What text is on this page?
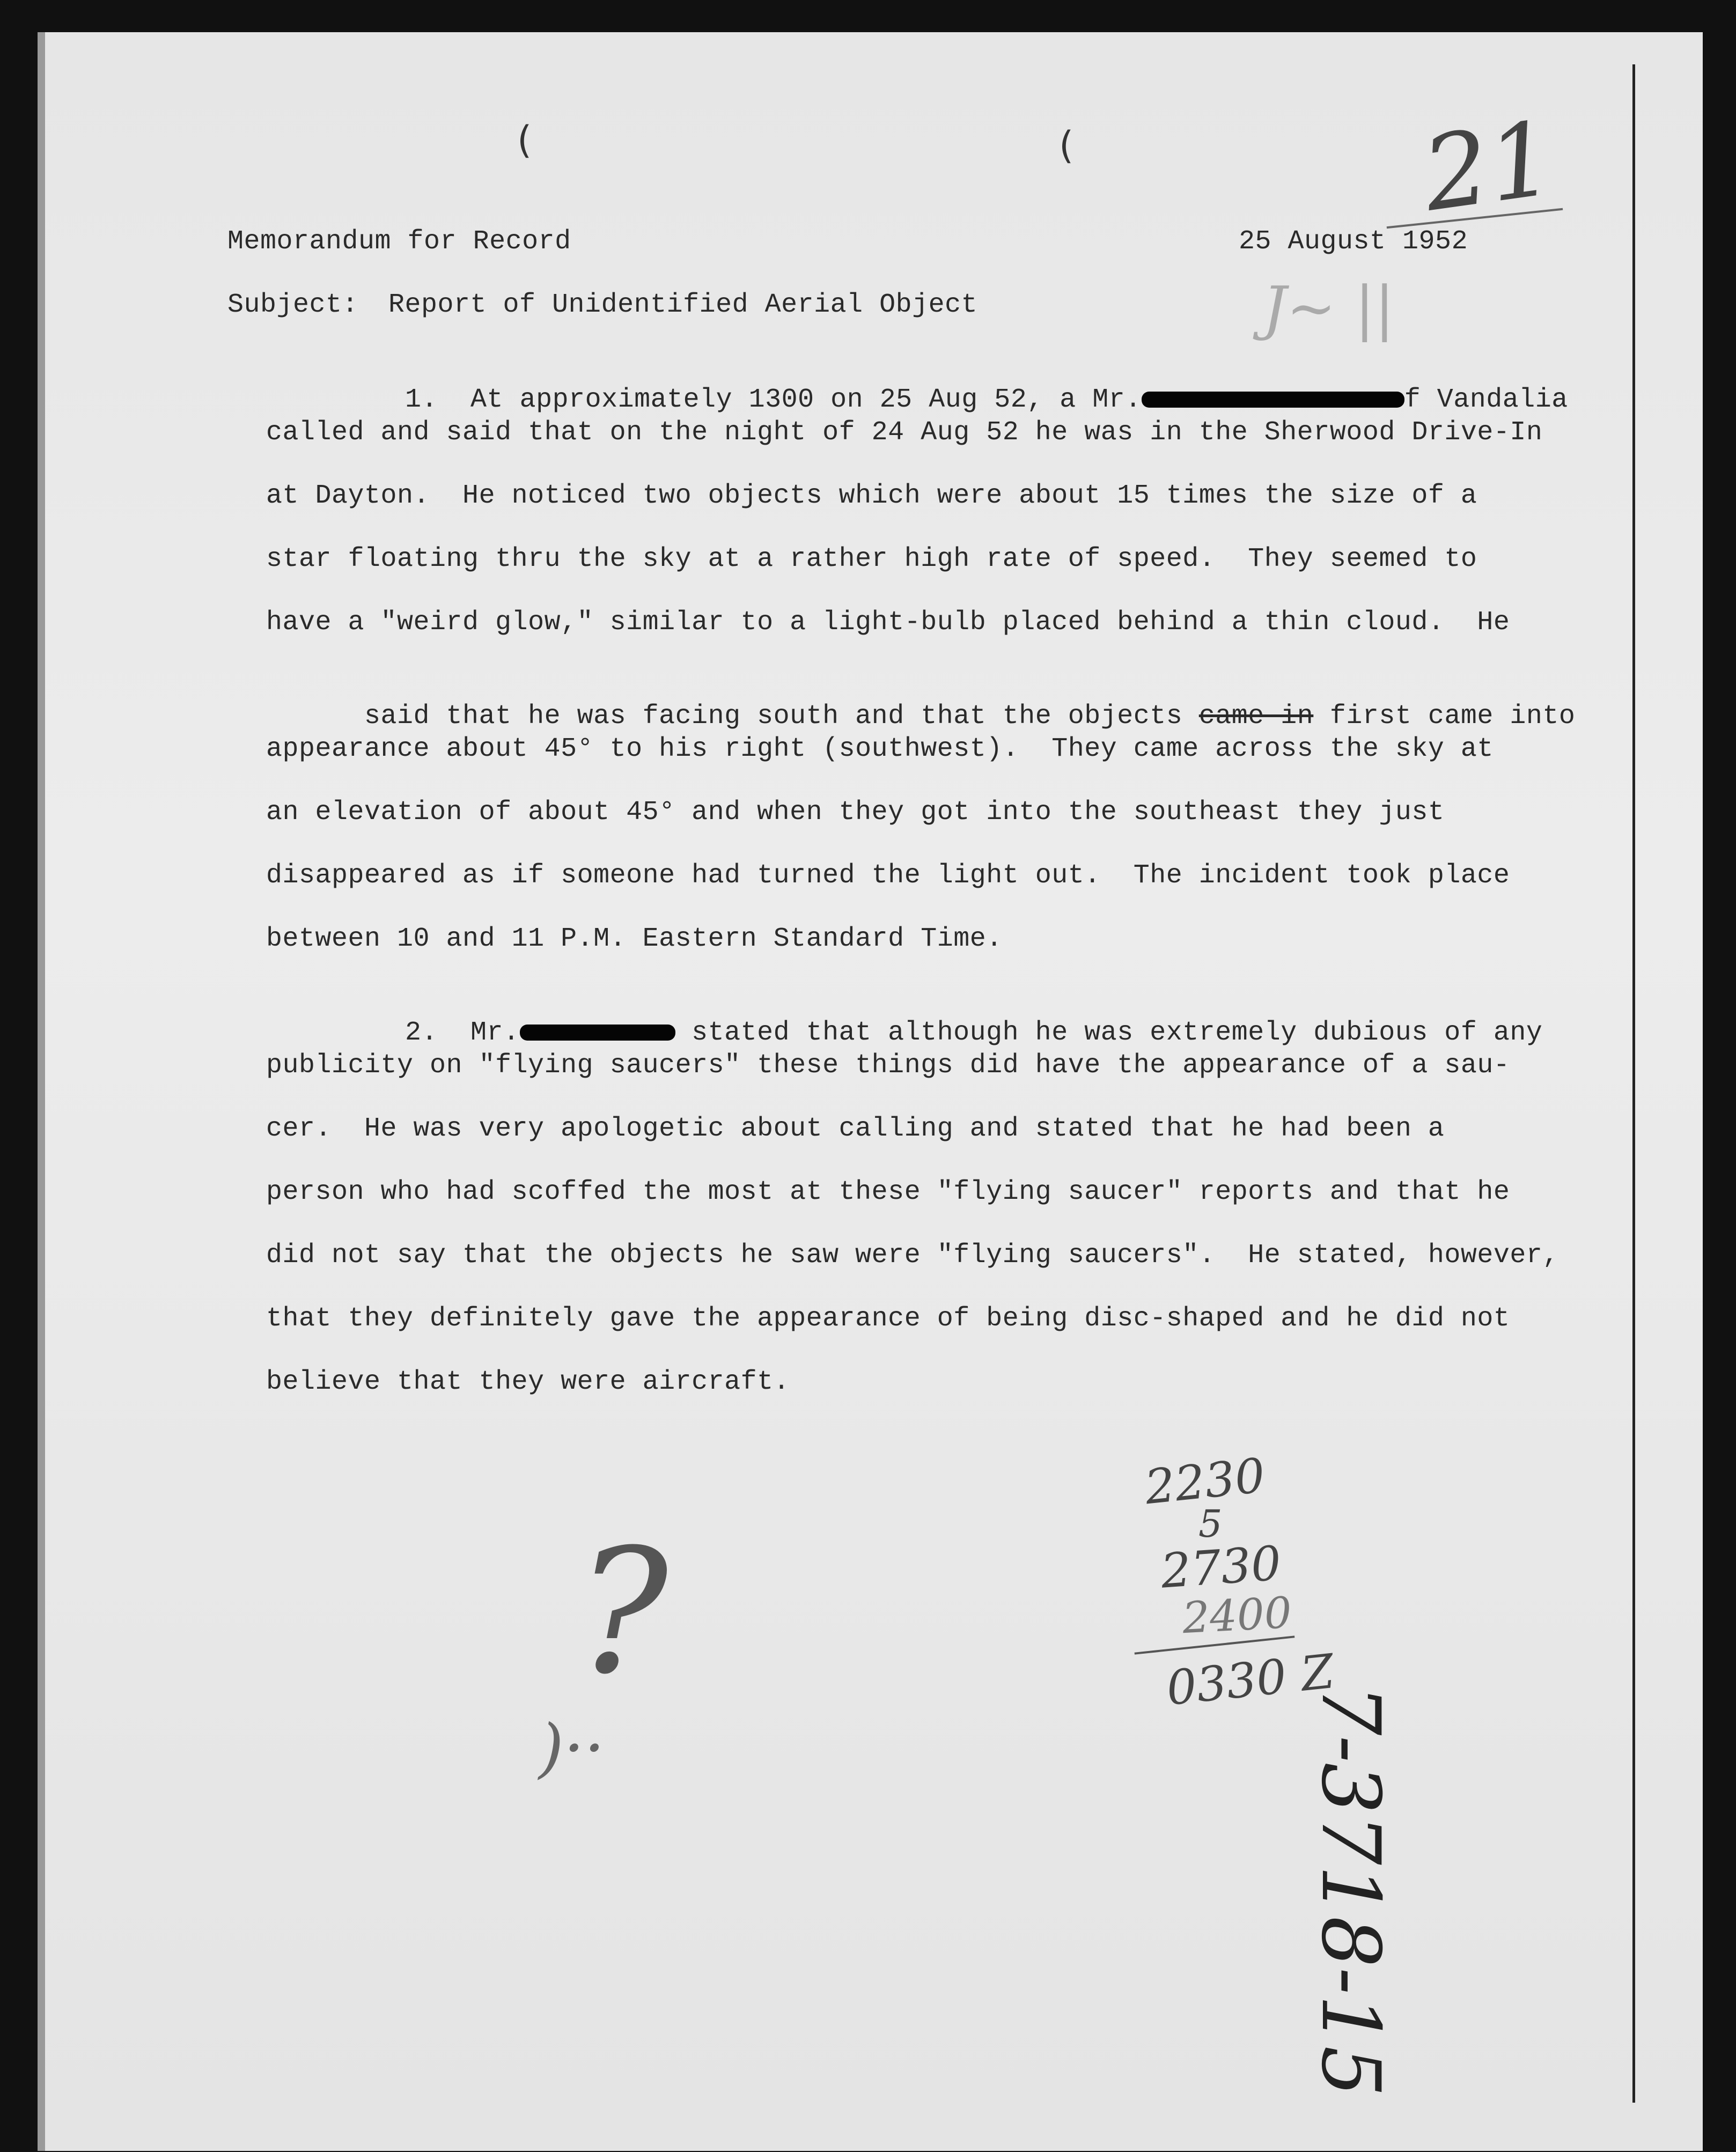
(	(	21
Memorandum for Record	25 August 1952
Subject: Report of Unidentified Aerial Object	J~ ||

1.  At approximately 1300 on 25 Aug 52, a Mr.	f Vandalia

called and said that on the night of 24 Aug 52 he was in the Sherwood Drive-In
at Dayton.  He noticed two objects which were about 15 times the size of a
star floating thru the sky at a rather high rate of speed.  They seemed to
have a "weird glow," similar to a light-bulb placed behind a thin cloud.  He

said that he was facing south and that the objects came in first came into

appearance about 45° to his right (southwest).  They came across the sky at
an elevation of about 45° and when they got into the southeast they just
disappeared as if someone had turned the light out.  The incident took place
between 10 and 11 P.M. Eastern Standard Time.

2.  Mr.	stated that although he was extremely dubious of any

publicity on "flying saucers" these things did have the appearance of a sau-
cer.  He was very apologetic about calling and stated that he had been a
person who had scoffed the most at these "flying saucer" reports and that he
did not say that the objects he saw were "flying saucers".  He stated, however,
that they definitely gave the appearance of being disc-shaped and he did not
believe that they were aircraft.
2230
5
2730
2400
0330 Z
?
)··	7-3718-15
